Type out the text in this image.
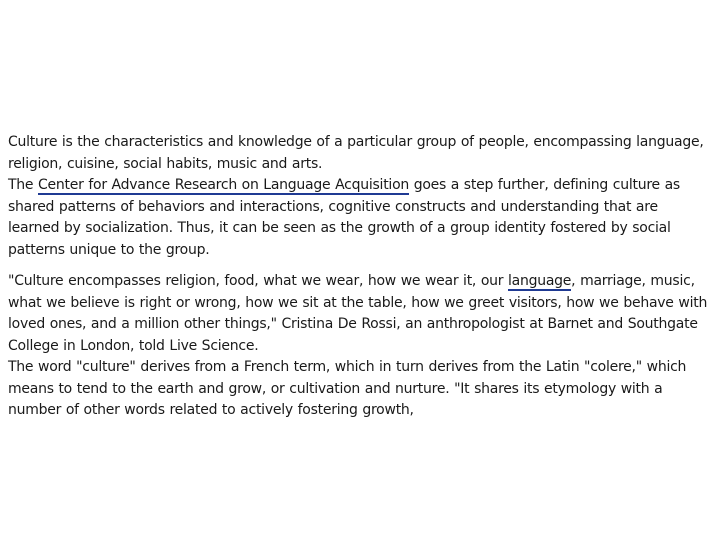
Culture is the characteristics and knowledge of a particular group of people, encompassing language, religion, cuisine, social habits, music and arts.

The Center for Advance Research on Language Acquisition goes a step further, defining culture as shared patterns of behaviors and interactions, cognitive constructs and understanding that are learned by socialization. Thus, it can be seen as the growth of a group identity fostered by social patterns unique to the group.

"Culture encompasses religion, food, what we wear, how we wear it, our language, marriage, music, what we believe is right or wrong, how we sit at the table, how we greet visitors, how we behave with loved ones, and a million other things," Cristina De Rossi, an anthropologist at Barnet and Southgate College in London, told Live Science.

The word "culture" derives from a French term, which in turn derives from the Latin "colere," which means to tend to the earth and grow, or cultivation and nurture. "It shares its etymology with a number of other words related to actively fostering growth,
